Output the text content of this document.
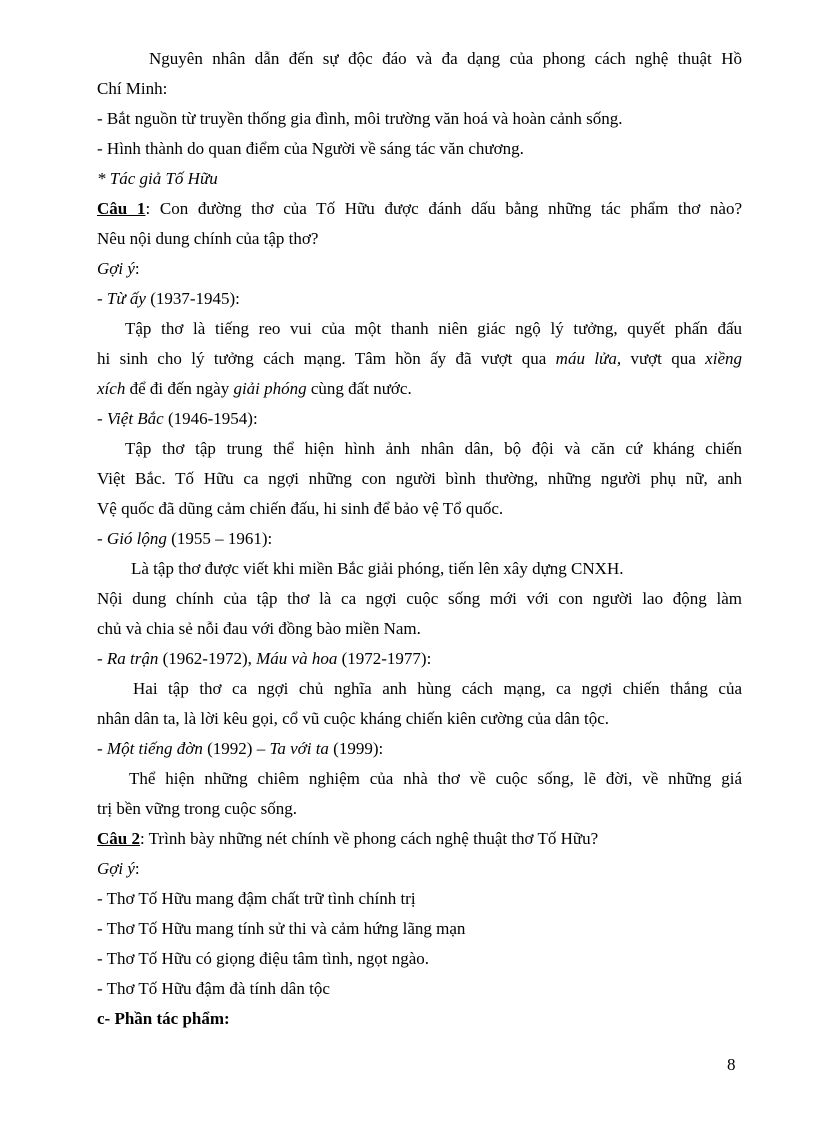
Nguyên nhân dẫn đến sự độc đáo và đa dạng của phong cách nghệ thuật Hồ

Chí Minh:

- Bắt nguồn từ truyền thống gia đình, môi trường văn hoá và hoàn cảnh sống.

- Hình thành do quan điểm của Người về sáng tác văn chương.

* Tác giả Tố Hữu

Câu 1: Con đường thơ của Tố Hữu được đánh dấu bằng những tác phẩm thơ nào?

Nêu nội dung chính của tập thơ?

Gợi ý:

- Từ ấy (1937-1945):

Tập thơ là tiếng reo vui của một thanh niên giác ngộ lý tưởng, quyết phấn đấu

hi sinh cho lý tưởng cách mạng. Tâm hồn ấy đã vượt qua máu lửa, vượt qua xiềng

xích để đi đến ngày giải phóng cùng đất nước.

- Việt Bắc (1946-1954):

Tập thơ tập trung thể hiện hình ảnh nhân dân, bộ đội và căn cứ kháng chiến

Việt Bắc. Tố Hữu ca ngợi những con người bình thường, những người phụ nữ, anh

Vệ quốc đã dũng cảm chiến đấu, hi sinh để bảo vệ Tổ quốc.

- Gió lộng (1955 – 1961):

Là tập thơ được viết khi miền Bắc giải phóng, tiến lên xây dựng CNXH.

Nội dung chính của tập thơ là ca ngợi cuộc sống mới với con người lao động làm

chủ và chia sẻ nỗi đau với đồng bào miền Nam.

- Ra trận (1962-1972), Máu và hoa (1972-1977):

Hai tập thơ ca ngợi chủ nghĩa anh hùng cách mạng, ca ngợi chiến thắng của

nhân dân ta, là lời kêu gọi, cổ vũ cuộc kháng chiến kiên cường của dân tộc.

- Một tiếng đờn (1992) – Ta với ta (1999):

Thể hiện những chiêm nghiệm của nhà thơ về cuộc sống, lẽ đời, về những giá

trị bền vững trong cuộc sống.

Câu 2: Trình bày những nét chính về phong cách nghệ thuật thơ Tố Hữu?

Gợi ý:

- Thơ Tố Hữu mang đậm chất trữ tình chính trị

- Thơ Tố Hữu mang tính sử thi và cảm hứng lãng mạn

- Thơ Tố Hữu có giọng điệu tâm tình, ngọt ngào.

- Thơ Tố Hữu đậm đà tính dân tộc

c- Phần tác phẩm:

8
